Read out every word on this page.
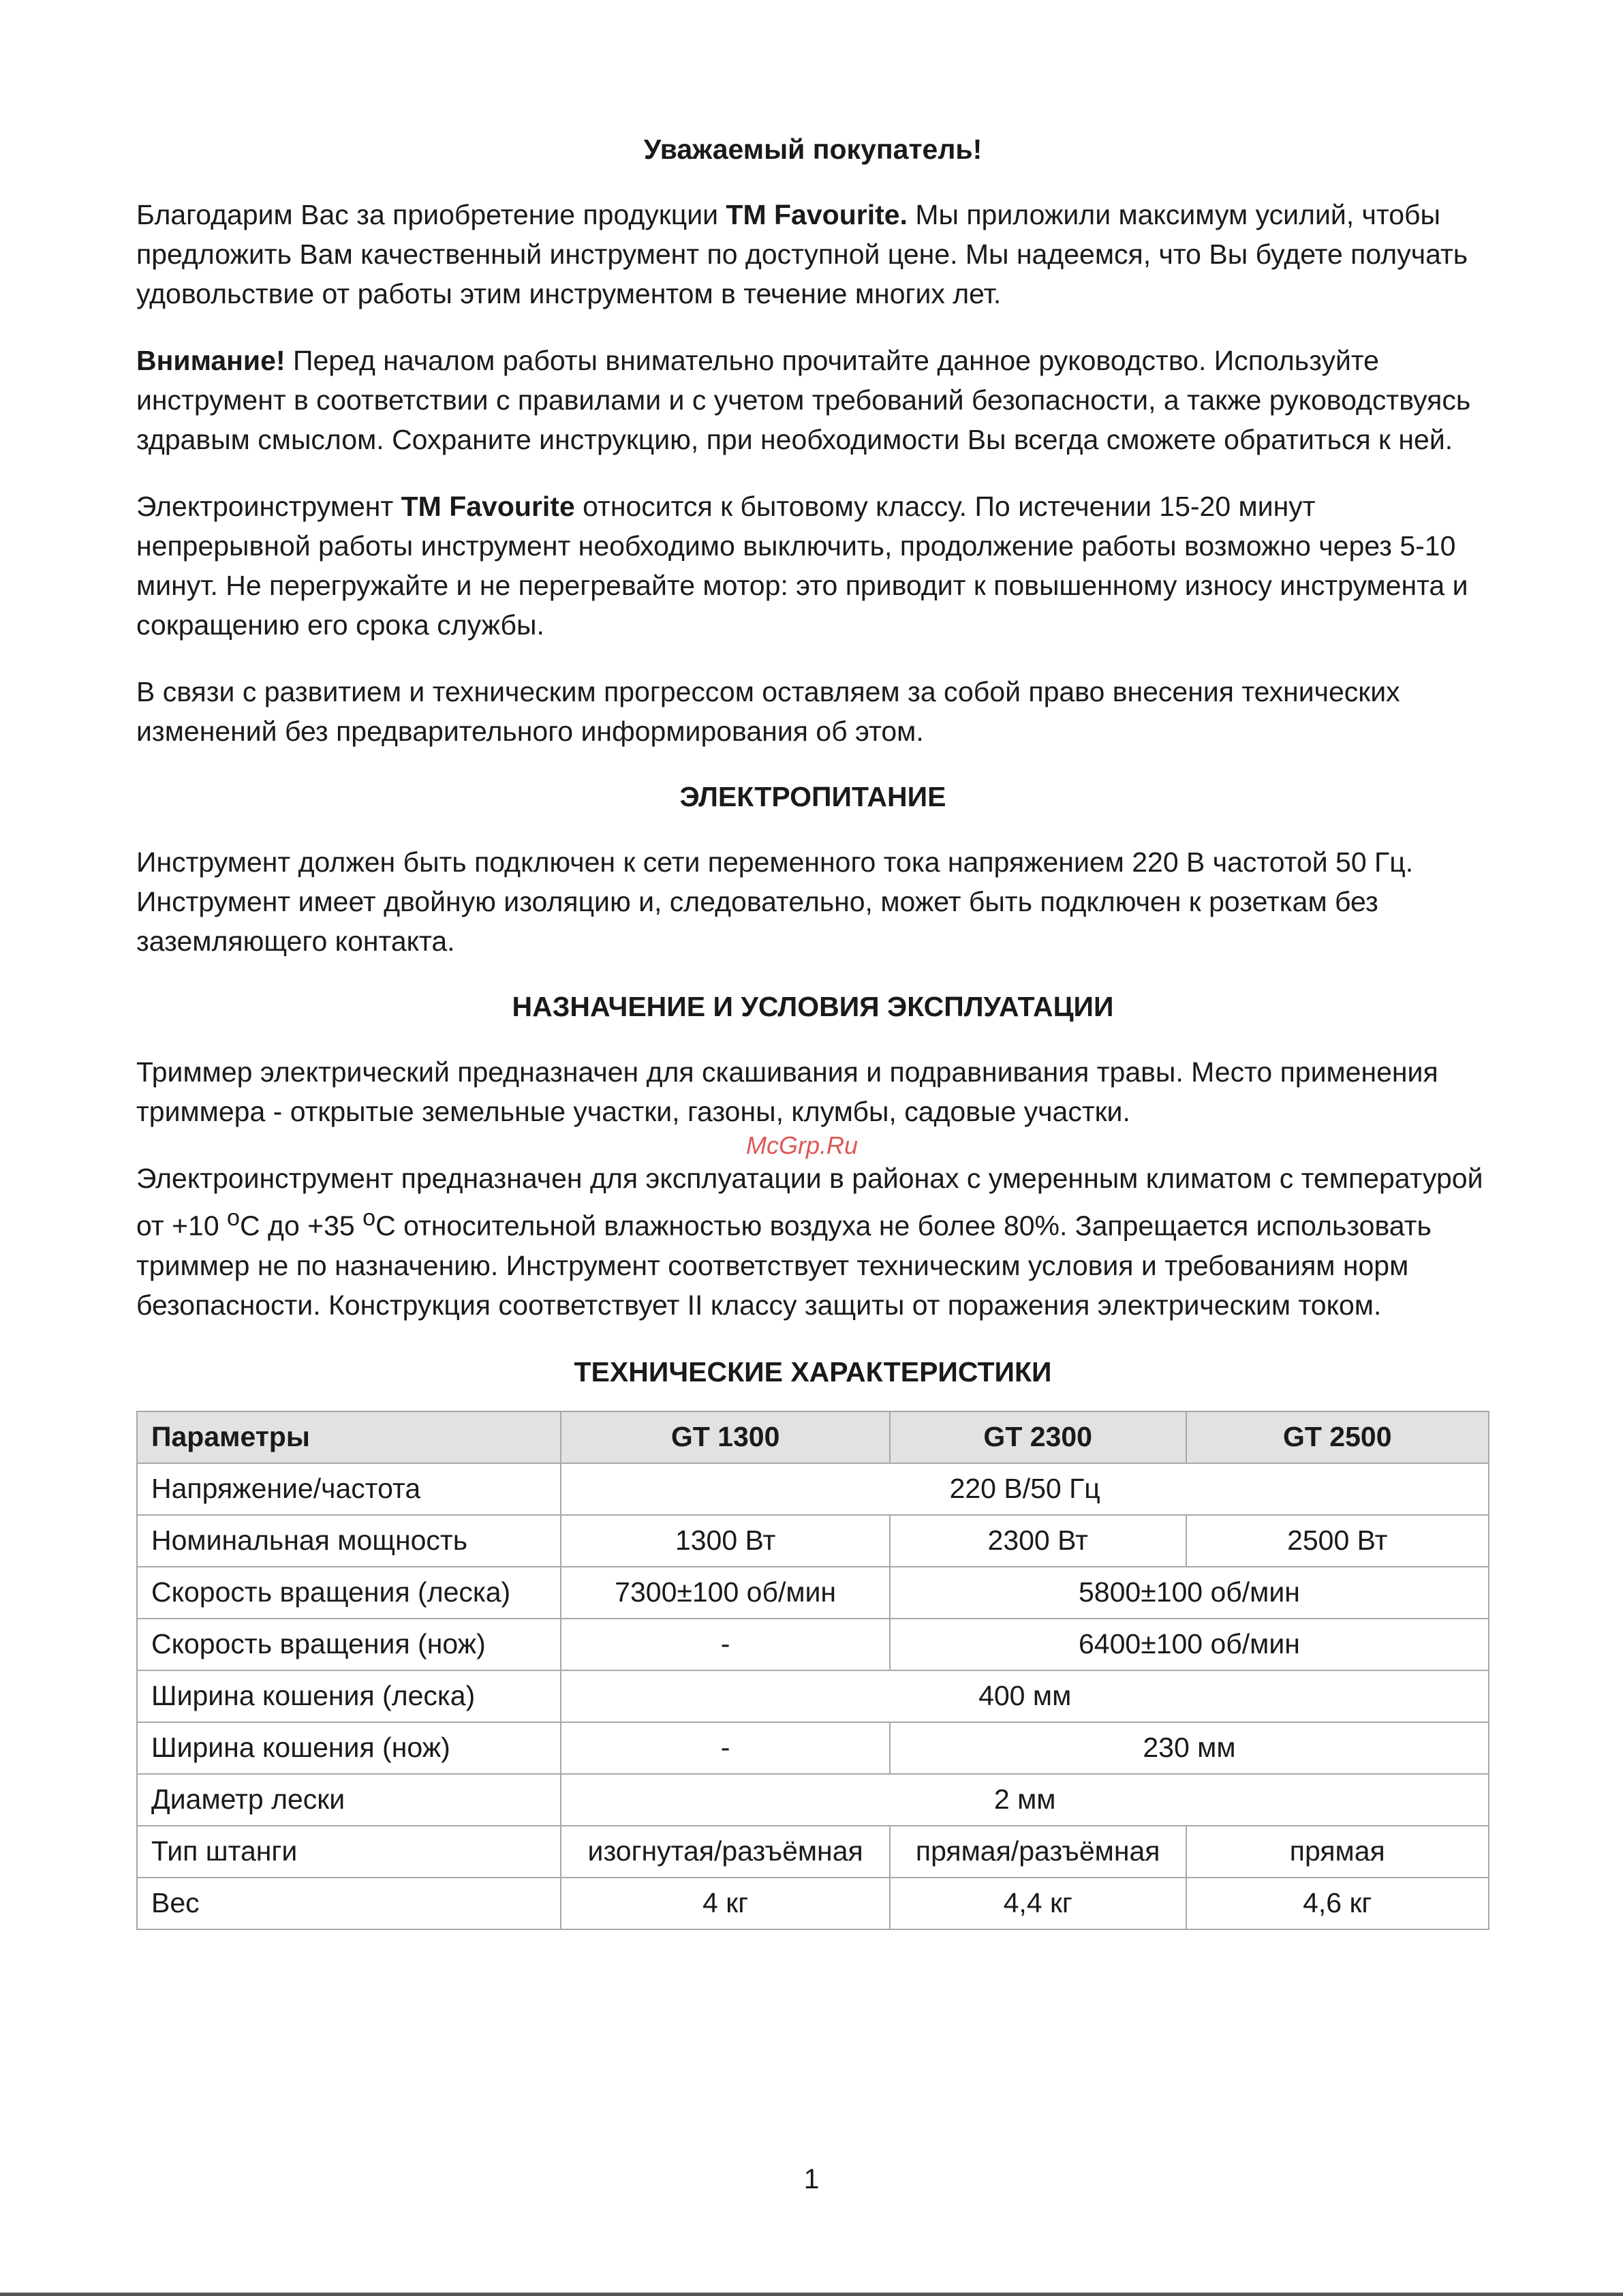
Уважаемый покупатель!

Благодарим Вас за приобретение продукции TM Favourite. Мы приложили максимум усилий, чтобы предложить Вам качественный инструмент по доступной цене. Мы надеемся, что Вы будете получать удовольствие от работы этим инструментом в течение многих лет.

Внимание! Перед началом работы внимательно прочитайте данное руководство. Используйте инструмент в соответствии с правилами и с учетом требований безопасности, а также руководствуясь здравым смыслом. Сохраните инструкцию, при необходимости Вы всегда сможете обратиться к ней.

Электроинструмент TM Favourite относится к бытовому классу. По истечении 15-20 минут непрерывной работы инструмент необходимо выключить, продолжение работы возможно через 5-10 минут. Не перегружайте и не перегревайте мотор: это приводит к повышенному износу инструмента и сокращению его срока службы.

В связи с развитием и техническим прогрессом оставляем за собой право внесения технических изменений без предварительного информирования об этом.

ЭЛЕКТРОПИТАНИЕ

Инструмент должен быть подключен к сети переменного тока напряжением 220 В частотой 50 Гц. Инструмент имеет двойную изоляцию и, следовательно, может быть подключен к розеткам без заземляющего контакта.

НАЗНАЧЕНИЕ И УСЛОВИЯ ЭКСПЛУАТАЦИИ

Триммер электрический предназначен для скашивания и подравнивания травы. Место применения триммера - открытые земельные участки, газоны, клумбы, садовые участки.

Электроинструмент предназначен для эксплуатации в районах с умеренным климатом с температурой от +10 $^o$C до +35 $^o$C относительной влажностью воздуха не более 80%. Запрещается использовать триммер не по назначению. Инструмент соответствует техническим условия и требованиям норм безопасности. Конструкция соответствует II классу защиты от поражения электрическим током.

ТЕХНИЧЕСКИЕ ХАРАКТЕРИСТИКИ

Параметры	GT 1300	GT 2300	GT 2500
Напряжение/частота	220 В/50 Гц		
Номинальная мощность	1300 Вт	2300 Вт	2500 Вт
Скорость вращения (леска)	7300±100 об/мин	5800±100 об/мин	
Скорость вращения (нож)	-	6400±100 об/мин	
Ширина кошения (леска)	400 мм		
Ширина кошения (нож)	-	230 мм	
Диаметр лески	2 мм		
Тип штанги	изогнутая/разъёмная	прямая/разъёмная	прямая
Вес	4 кг	4,4 кг	4,6 кг
McGrp.Ru
1
